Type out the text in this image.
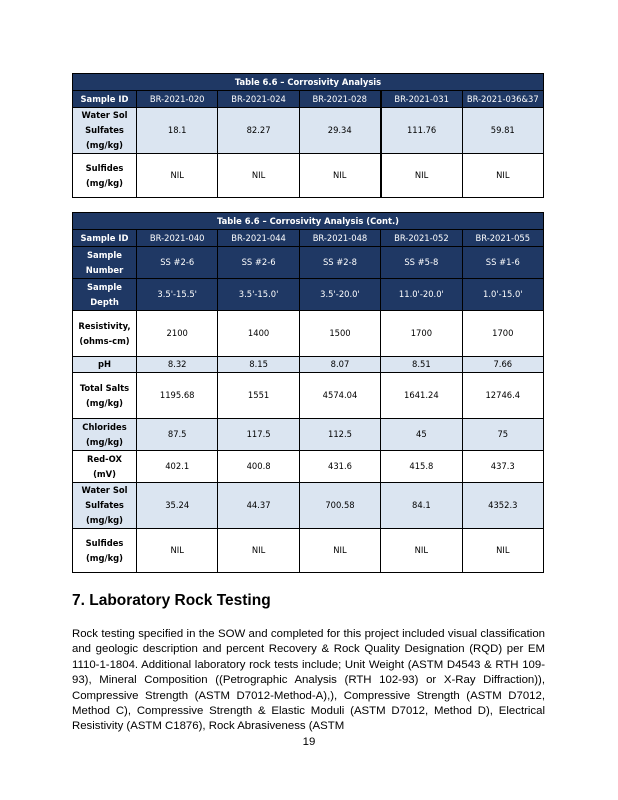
Table 6.6 – Corrosivity Analysis					
Sample ID	BR-2021-020	BR-2021-024	BR-2021-028	BR-2021-031	BR-2021-036&37
Water Sol
Sulfates
(mg/kg)	18.1	82.27	29.34	111.76	59.81
Sulfides
(mg/kg)	NIL	NIL	NIL	NIL	NIL
Table 6.6 – Corrosivity Analysis (Cont.)					
Sample ID	BR-2021-040	BR-2021-044	BR-2021-048	BR-2021-052	BR-2021-055
Sample
Number	SS #2-6	SS #2-6	SS #2-8	SS #5-8	SS #1-6
Sample
Depth	3.5'-15.5'	3.5'-15.0'	3.5'-20.0'	11.0'-20.0'	1.0'-15.0'
Resistivity,
(ohms-cm)	2100	1400	1500	1700	1700
pH	8.32	8.15	8.07	8.51	7.66
Total Salts
(mg/kg)	1195.68	1551	4574.04	1641.24	12746.4
Chlorides
(mg/kg)	87.5	117.5	112.5	45	75
Red-OX
(mV)	402.1	400.8	431.6	415.8	437.3
Water Sol
Sulfates
(mg/kg)	35.24	44.37	700.58	84.1	4352.3
Sulfides
(mg/kg)	NIL	NIL	NIL	NIL	NIL
7. Laboratory Rock Testing

Rock testing specified in the SOW and completed for this project included visual classification and geologic description and percent Recovery & Rock Quality Designation (RQD) per EM 1110-1-1804. Additional laboratory rock tests include; Unit Weight (ASTM D4543 & RTH 109-93), Mineral Composition ((Petrographic Analysis (RTH 102-93) or X-Ray Diffraction)), Compressive Strength (ASTM D7012-Method-A),), Compressive Strength (ASTM D7012, Method C), Compressive Strength & Elastic Moduli (ASTM D7012, Method D), Electrical Resistivity (ASTM C1876), Rock Abrasiveness (ASTM

19
